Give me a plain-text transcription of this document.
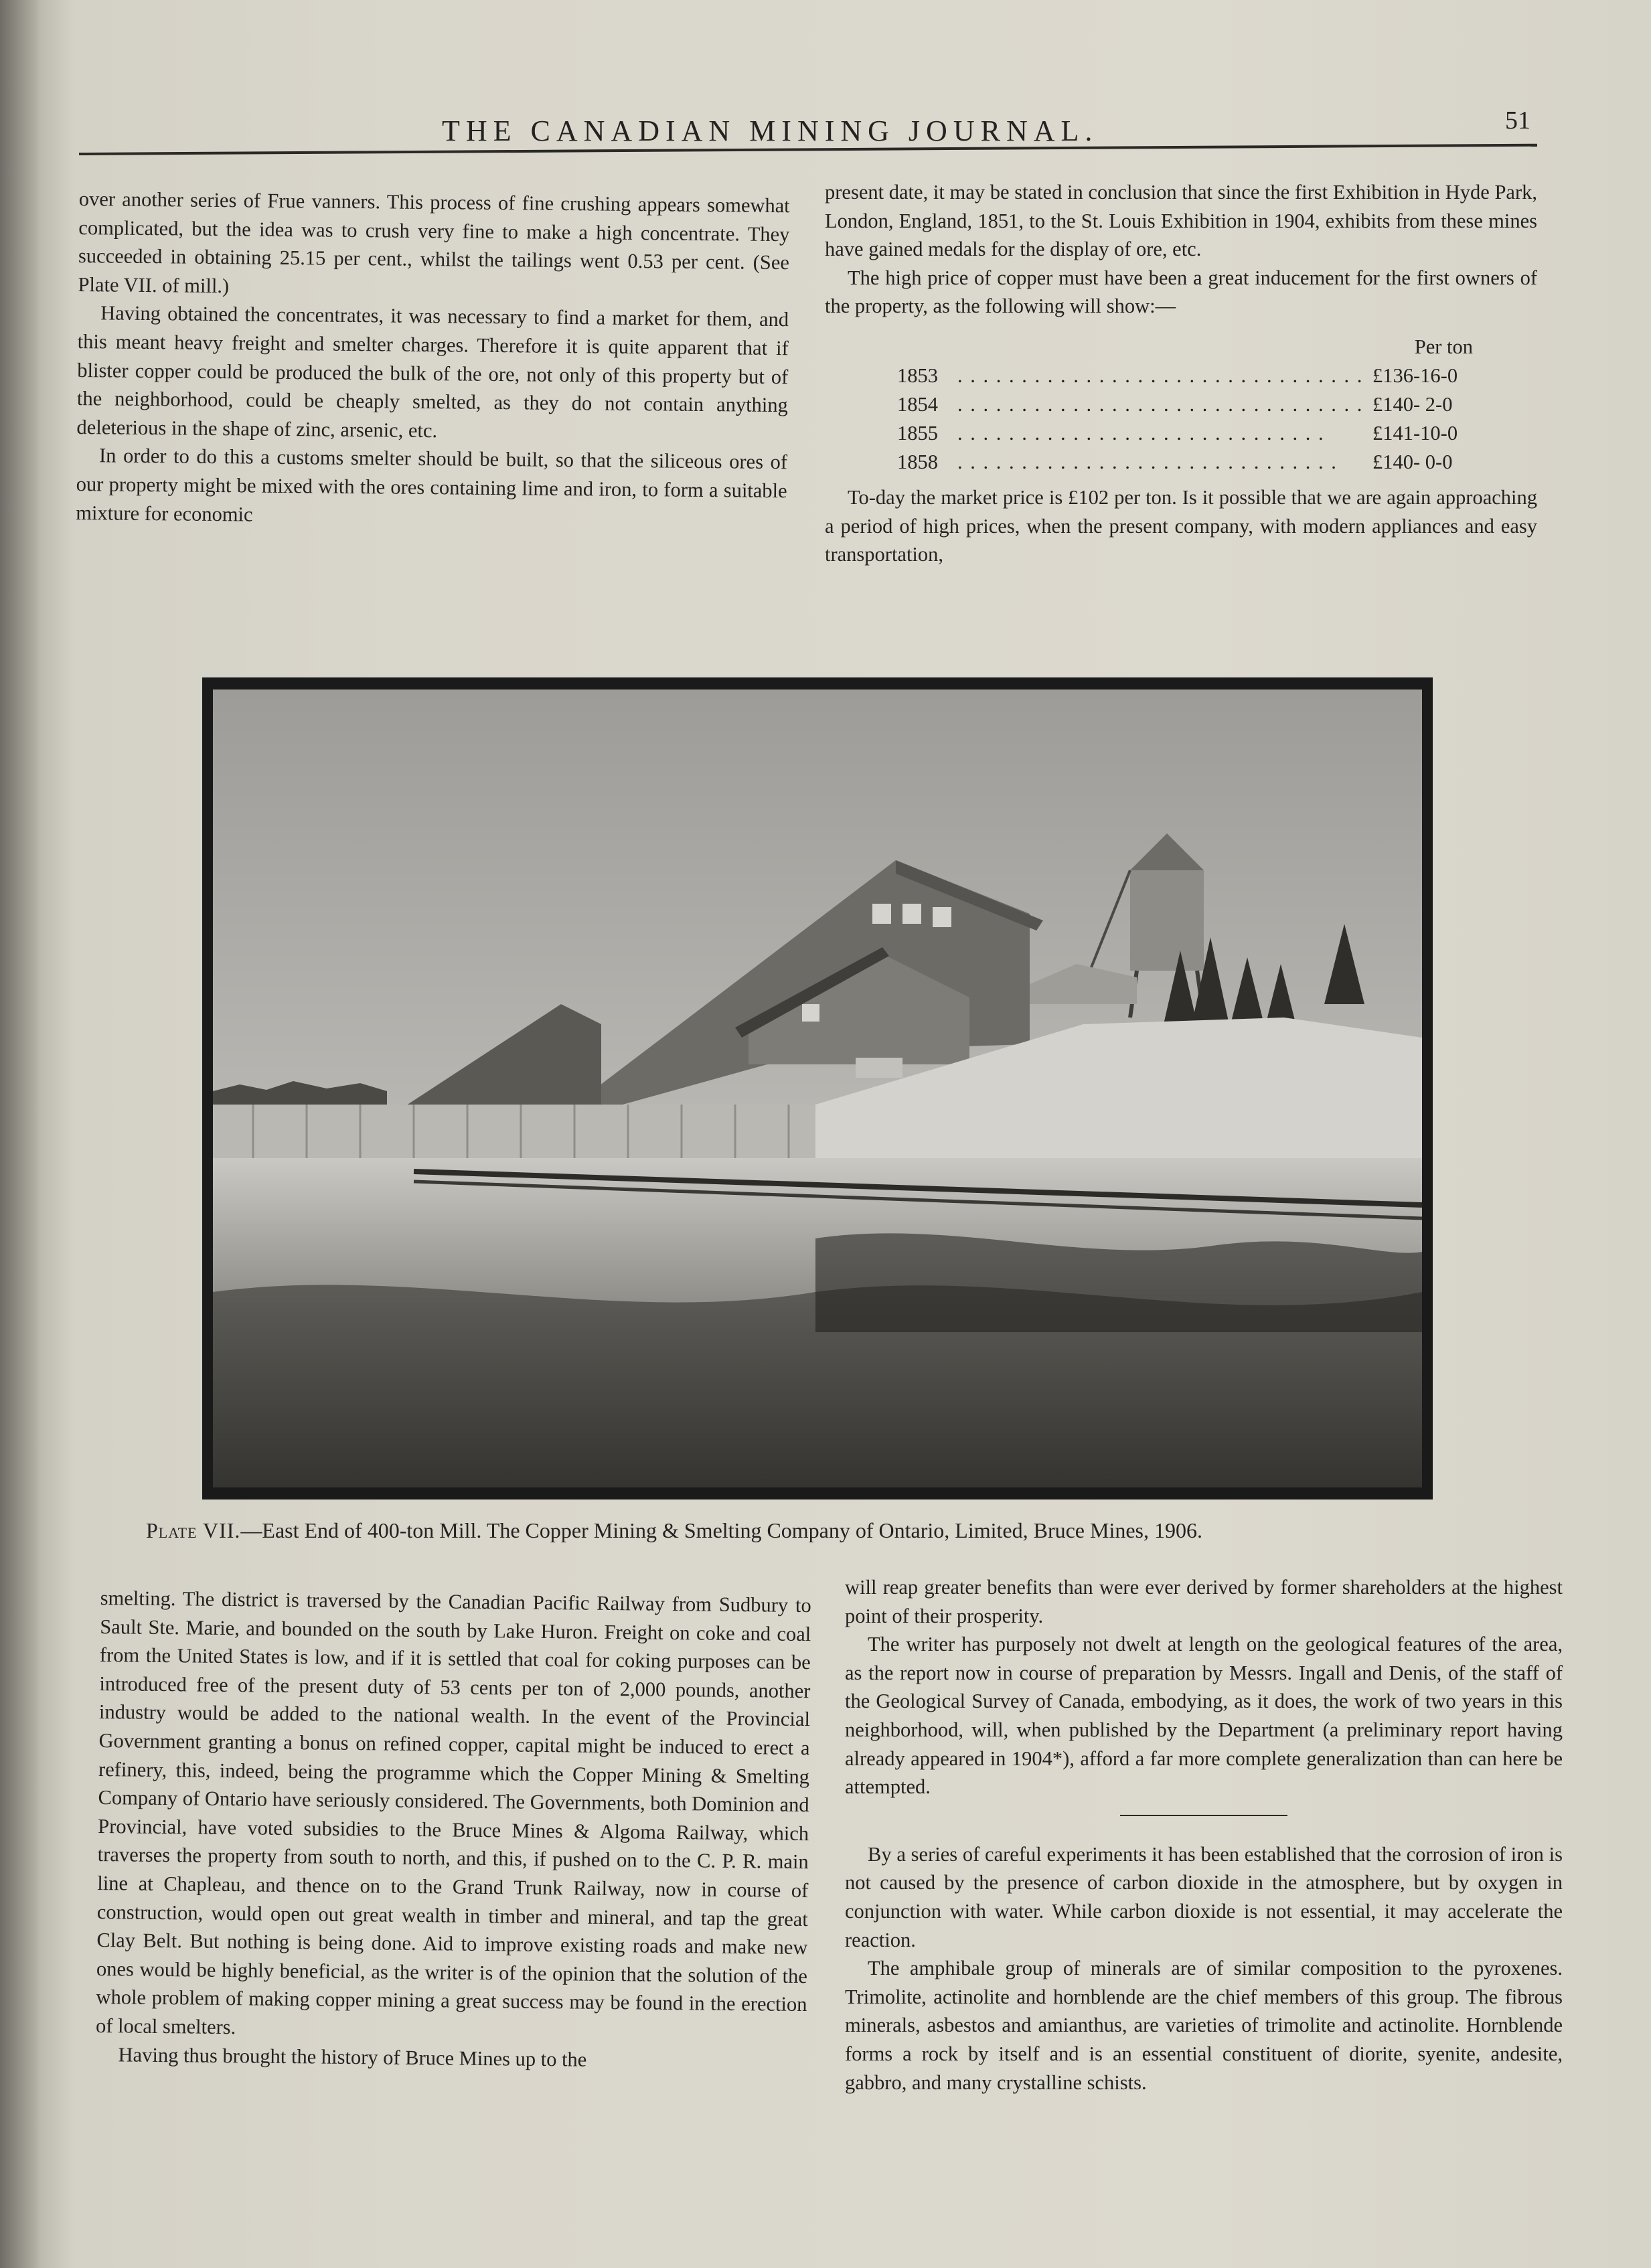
THE CANADIAN MINING JOURNAL.	51

over another series of Frue vanners. This process of fine crushing appears somewhat complicated, but the idea was to crush very fine to make a high concentrate. They succeeded in obtaining 25.15 per cent., whilst the tailings went 0.53 per cent. (See Plate VII. of mill.)

Having obtained the concentrates, it was necessary to find a market for them, and this meant heavy freight and smelter charges. Therefore it is quite apparent that if blister copper could be produced the bulk of the ore, not only of this property but of the neighborhood, could be cheaply smelted, as they do not contain anything deleterious in the shape of zinc, arsenic, etc.

In order to do this a customs smelter should be built, so that the siliceous ores of our property might be mixed with the ores containing lime and iron, to form a suitable mixture for economic

present date, it may be stated in conclusion that since the first Exhibition in Hyde Park, London, England, 1851, to the St. Louis Exhibition in 1904, exhibits from these mines have gained medals for the display of ore, etc.

The high price of copper must have been a great inducement for the first owners of the property, as the following will show:—

Per ton
1853 . . . . . . . . . . . . . . . . . . . . . . . . . . . . . . . . £136-16-0
1854 . . . . . . . . . . . . . . . . . . . . . . . . . . . . . . . . £140- 2-0
1855 . . . . . . . . . . . . . . . . . . . . . . . . . . . . .	£141-10-0
1858 . . . . . . . . . . . . . . . . . . . . . . . . . . . . . .	£140- 0-0

To-day the market price is £102 per ton. Is it possible that we are again approaching a period of high prices, when the present company, with modern appliances and easy transportation,

Plate VII.—East End of 400-ton Mill. The Copper Mining & Smelting Company of Ontario, Limited, Bruce Mines, 1906.

smelting. The district is traversed by the Canadian Pacific Railway from Sudbury to Sault Ste. Marie, and bounded on the south by Lake Huron. Freight on coke and coal from the United States is low, and if it is settled that coal for coking purposes can be introduced free of the present duty of 53 cents per ton of 2,000 pounds, another industry would be added to the national wealth. In the event of the Provincial Government granting a bonus on refined copper, capital might be induced to erect a refinery, this, indeed, being the programme which the Copper Mining & Smelting Company of Ontario have seriously considered. The Governments, both Dominion and Provincial, have voted subsidies to the Bruce Mines & Algoma Railway, which traverses the property from south to north, and this, if pushed on to the C. P. R. main line at Chapleau, and thence on to the Grand Trunk Railway, now in course of construction, would open out great wealth in timber and mineral, and tap the great Clay Belt. But nothing is being done. Aid to improve existing roads and make new ones would be highly beneficial, as the writer is of the opinion that the solution of the whole problem of making copper mining a great success may be found in the erection of local smelters.

Having thus brought the history of Bruce Mines up to the

will reap greater benefits than were ever derived by former shareholders at the highest point of their prosperity.

The writer has purposely not dwelt at length on the geological features of the area, as the report now in course of preparation by Messrs. Ingall and Denis, of the staff of the Geological Survey of Canada, embodying, as it does, the work of two years in this neighborhood, will, when published by the Department (a preliminary report having already appeared in 1904*), afford a far more complete generalization than can here be attempted.

By a series of careful experiments it has been established that the corrosion of iron is not caused by the presence of carbon dioxide in the atmosphere, but by oxygen in conjunction with water. While carbon dioxide is not essential, it may accelerate the reaction.

The amphibale group of minerals are of similar composition to the pyroxenes. Trimolite, actinolite and hornblende are the chief members of this group. The fibrous minerals, asbestos and amianthus, are varieties of trimolite and actinolite. Hornblende forms a rock by itself and is an essential constituent of diorite, syenite, andesite, gabbro, and many crystalline schists.
